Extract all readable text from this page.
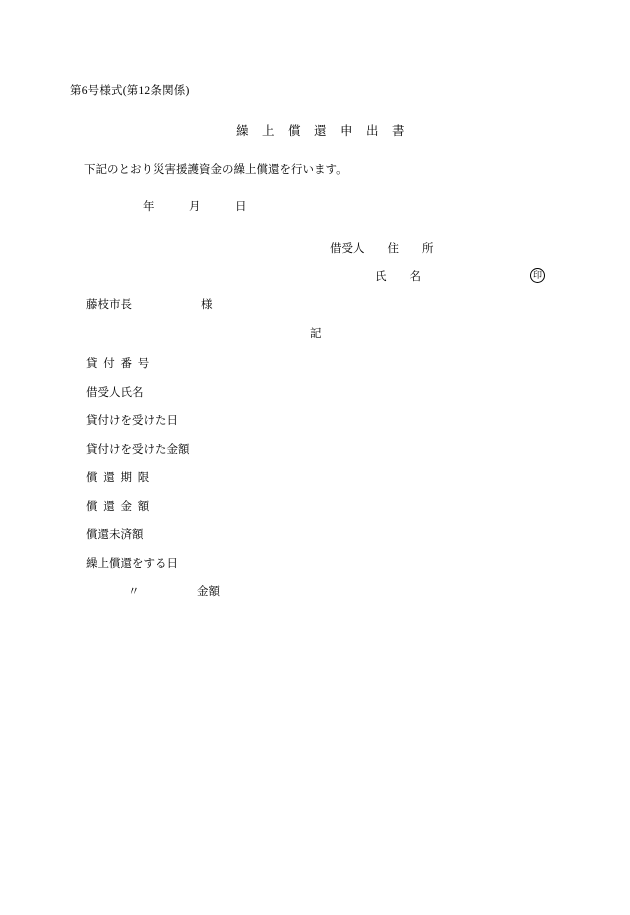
第6号様式(第12条関係)
繰　上　償　還　申　出　書
下記のとおり災害援護資金の繰上償還を行います。
年　　　月　　　日
借受人　　住　　所
氏　　名	印
藤枝市長　　　　　　様
記
貸  付  番  号
借受人氏名
貸付けを受けた日
貸付けを受けた金額
償  還  期  限
償  還  金  額
償還未済額
繰上償還をする日
〃　　　　　金額
